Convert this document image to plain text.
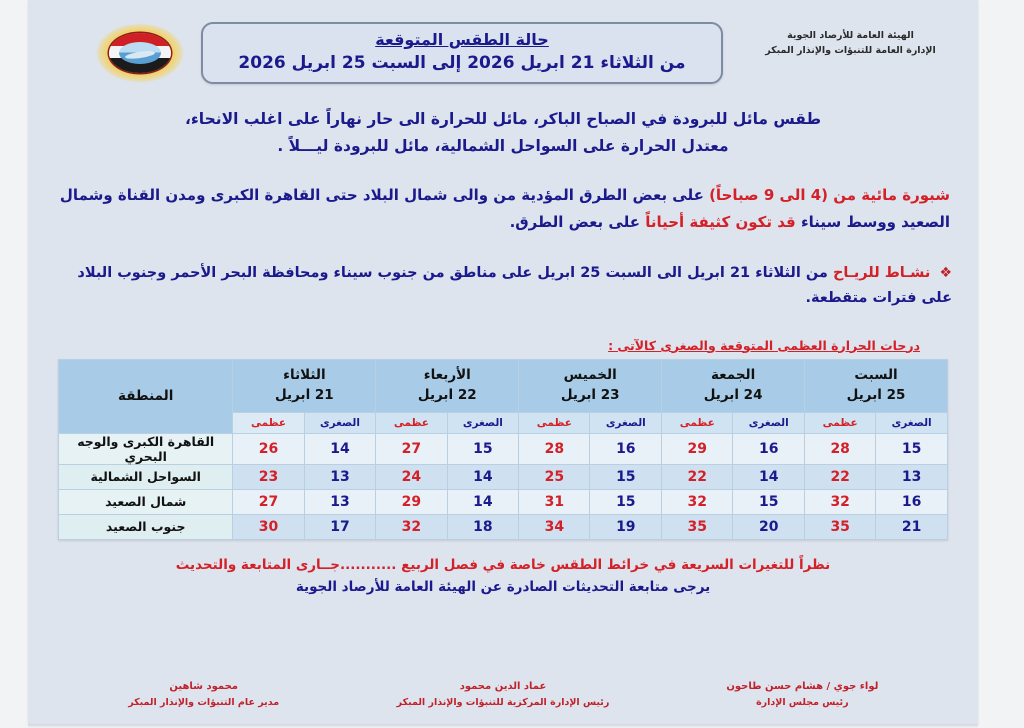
حالة الطقس المتوقعة
من الثلاثاء 21 ابريل 2026 إلى السبت 25 ابريل 2026
الهيئة العامة للأرصاد الجوية
الإدارة العامة للتنبؤات والإنذار المبكر
طقس مائل للبرودة في الصباح الباكر، مائل للحرارة الى حار نهاراً على اغلب الانحاء،
معتدل الحرارة على السواحل الشمالية، مائل للبرودة ليـــلاً .
شبورة مائية من (4 الى 9 صباحاً) على بعض الطرق المؤدية من والى شمال البلاد حتى القاهرة الكبرى ومدن القناة وشمال الصعيد ووسط سيناء قد تكون كثيفة أحياناً على بعض الطرق.
❖ نشـاط للريـاح من الثلاثاء 21 ابريل الى السبت 25 ابريل على مناطق من جنوب سيناء ومحافظة البحر الأحمر وجنوب البلاد على فترات متقطعة.
درجات الحرارة العظمى المتوقعة والصغرى كالآتى :
السبت
25 ابريل

الجمعة
24 ابريل

الخميس
23 ابريل

الأربعاء
22 ابريل

الثلاثاء
21 ابريل
	المنطقة
الصغرى	عظمى	الصغرى	عظمى	الصغرى	عظمى	الصغرى	عظمى	الصغرى	عظمى	
15	28	16	29	16	28	15	27	14	26	القاهرة الكبرى والوجه البحري
13	22	14	22	15	25	14	24	13	23	السواحل الشمالية
16	32	15	32	15	31	14	29	13	27	شمال الصعيد
21	35	20	35	19	34	18	32	17	30	جنوب الصعيد
نظراً للتغيرات السريعة في خرائط الطقس خاصة في فصل الربيع ...........جــارى المتابعة والتحديث
يرجى متابعة التحديثات الصادرة عن الهيئة العامة للأرصاد الجوية
لواء جوي / هشام حسن طاحون
رئيس مجلس الإدارة
عماد الدين محمود
رئيس الإدارة المركزية للتنبؤات والإنذار المبكر
محمود شاهين
مدير عام التنبؤات والإنذار المبكر
